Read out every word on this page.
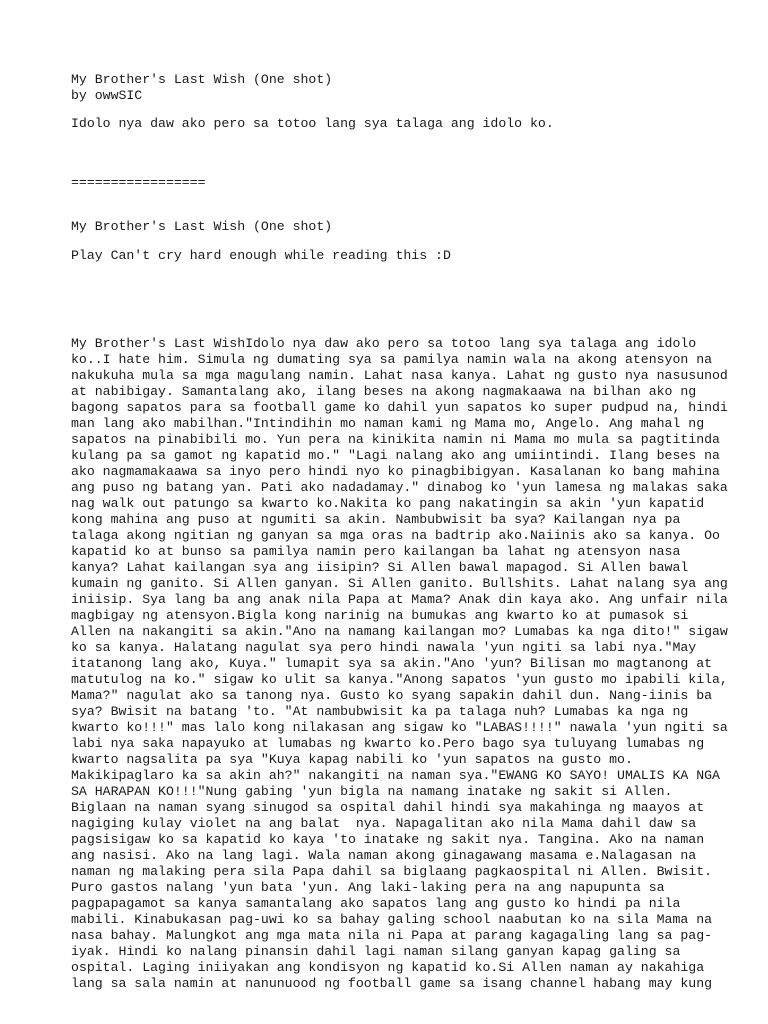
My Brother's Last Wish (One shot)

by owwSIC

Idolo nya daw ako pero sa totoo lang sya talaga ang idolo ko.

=================

My Brother's Last Wish (One shot)

Play Can't cry hard enough while reading this :D

My Brother's Last WishIdolo nya daw ako pero sa totoo lang sya talaga ang idolo
ko..I hate him. Simula ng dumating sya sa pamilya namin wala na akong atensyon na
nakukuha mula sa mga magulang namin. Lahat nasa kanya. Lahat ng gusto nya nasusunod
at nabibigay. Samantalang ako, ilang beses na akong nagmakaawa na bilhan ako ng
bagong sapatos para sa football game ko dahil yun sapatos ko super pudpud na, hindi
man lang ako mabilhan."Intindihin mo naman kami ng Mama mo, Angelo. Ang mahal ng
sapatos na pinabibili mo. Yun pera na kinikita namin ni Mama mo mula sa pagtitinda
kulang pa sa gamot ng kapatid mo." "Lagi nalang ako ang umiintindi. Ilang beses na
ako nagmamakaawa sa inyo pero hindi nyo ko pinagbibigyan. Kasalanan ko bang mahina
ang puso ng batang yan. Pati ako nadadamay." dinabog ko 'yun lamesa ng malakas saka
nag walk out patungo sa kwarto ko.Nakita ko pang nakatingin sa akin 'yun kapatid
kong mahina ang puso at ngumiti sa akin. Nambubwisit ba sya? Kailangan nya pa
talaga akong ngitian ng ganyan sa mga oras na badtrip ako.Naiinis ako sa kanya. Oo
kapatid ko at bunso sa pamilya namin pero kailangan ba lahat ng atensyon nasa
kanya? Lahat kailangan sya ang iisipin? Si Allen bawal mapagod. Si Allen bawal
kumain ng ganito. Si Allen ganyan. Si Allen ganito. Bullshits. Lahat nalang sya ang
iniisip. Sya lang ba ang anak nila Papa at Mama? Anak din kaya ako. Ang unfair nila
magbigay ng atensyon.Bigla kong narinig na bumukas ang kwarto ko at pumasok si
Allen na nakangiti sa akin."Ano na namang kailangan mo? Lumabas ka nga dito!" sigaw
ko sa kanya. Halatang nagulat sya pero hindi nawala 'yun ngiti sa labi nya."May
itatanong lang ako, Kuya." lumapit sya sa akin."Ano 'yun? Bilisan mo magtanong at
matutulog na ko." sigaw ko ulit sa kanya."Anong sapatos 'yun gusto mo ipabili kila,
Mama?" nagulat ako sa tanong nya. Gusto ko syang sapakin dahil dun. Nang-iinis ba
sya? Bwisit na batang 'to. "At nambubwisit ka pa talaga nuh? Lumabas ka nga ng
kwarto ko!!!" mas lalo kong nilakasan ang sigaw ko "LABAS!!!!" nawala 'yun ngiti sa
labi nya saka napayuko at lumabas ng kwarto ko.Pero bago sya tuluyang lumabas ng
kwarto nagsalita pa sya "Kuya kapag nabili ko 'yun sapatos na gusto mo.
Makikipaglaro ka sa akin ah?" nakangiti na naman sya."EWANG KO SAYO! UMALIS KA NGA
SA HARAPAN KO!!!"Nung gabing 'yun bigla na namang inatake ng sakit si Allen.
Biglaan na naman syang sinugod sa ospital dahil hindi sya makahinga ng maayos at
nagiging kulay violet na ang balat  nya. Napagalitan ako nila Mama dahil daw sa
pagsisigaw ko sa kapatid ko kaya 'to inatake ng sakit nya. Tangina. Ako na naman
ang nasisi. Ako na lang lagi. Wala naman akong ginagawang masama e.Nalagasan na
naman ng malaking pera sila Papa dahil sa biglaang pagkaospital ni Allen. Bwisit.
Puro gastos nalang 'yun bata 'yun. Ang laki-laking pera na ang napupunta sa
pagpapagamot sa kanya samantalang ako sapatos lang ang gusto ko hindi pa nila
mabili. Kinabukasan pag-uwi ko sa bahay galing school naabutan ko na sila Mama na
nasa bahay. Malungkot ang mga mata nila ni Papa at parang kagagaling lang sa pag-
iyak. Hindi ko nalang pinansin dahil lagi naman silang ganyan kapag galing sa
ospital. Laging iniiyakan ang kondisyon ng kapatid ko.Si Allen naman ay nakahiga
lang sa sala namin at nanunuood ng football game sa isang channel habang may kung
